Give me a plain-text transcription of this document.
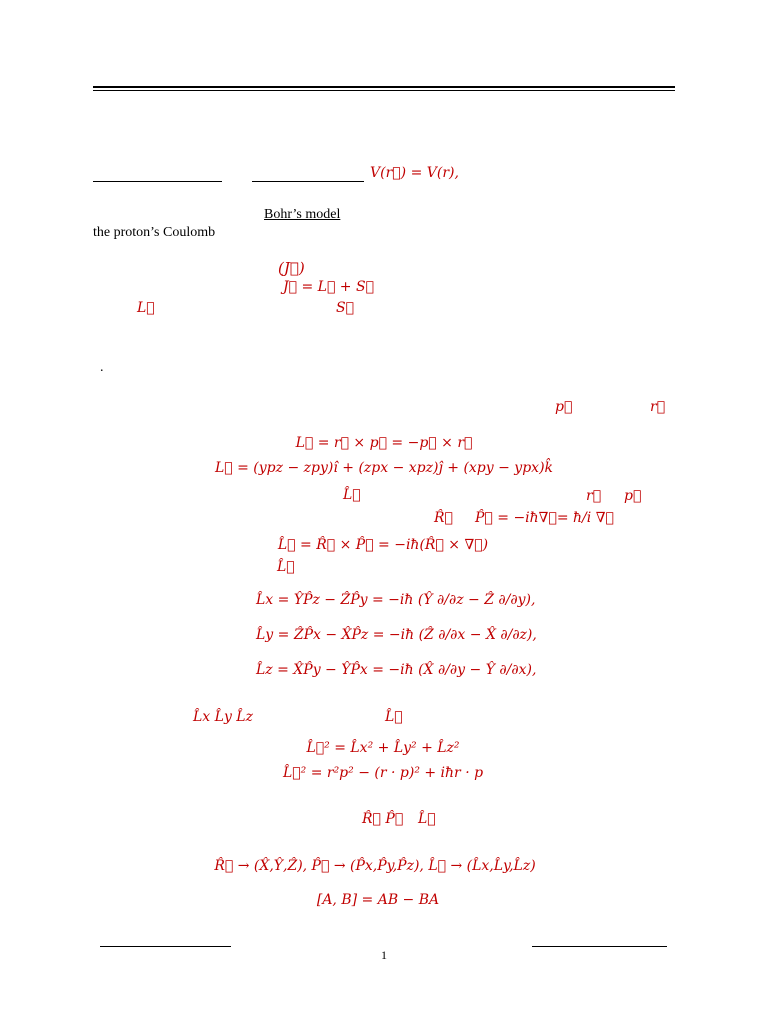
V(r⃗) = V(r),
Bohr’s model
the proton’s Coulomb
(J⃗)
J⃗ = L⃗ + S⃗
L⃗	S⃗
.
p⃗	r⃗
L⃗ = r⃗ × p⃗ = −p⃗ × r⃗
L⃗ = (ypz − zpy)î + (zpx − xpz)ĵ + (xpy − ypx)k̂
L̂⃗	r⃗ p⃗
R̂⃗ P̂⃗ = −iħ∇⃗= ħ/i ∇⃗
L̂⃗ = R̂⃗ × P̂⃗ = −iħ(R̂⃗ × ∇⃗)
L̂⃗
L̂x = ŶP̂z − ẐP̂y = −iħ (Ŷ ∂/∂z − Ẑ ∂/∂y),
L̂y = ẐP̂x − X̂P̂z = −iħ (Ẑ ∂/∂x − X̂ ∂/∂z),
L̂z = X̂P̂y − ŶP̂x = −iħ (X̂ ∂/∂y − Ŷ ∂/∂x),
L̂x L̂y L̂z	L̂⃗
L̂⃗² = L̂x² + L̂y² + L̂z²
L̂⃗² = r²p² − (r · p)² + iħr · p
R̂⃗ P̂⃗ L̂⃗
R̂⃗ → (X̂,Ŷ,Ẑ), P̂⃗ → (P̂x,P̂y,P̂z), L̂⃗ → (L̂x,L̂y,L̂z)
[A, B] = AB − BA
1
